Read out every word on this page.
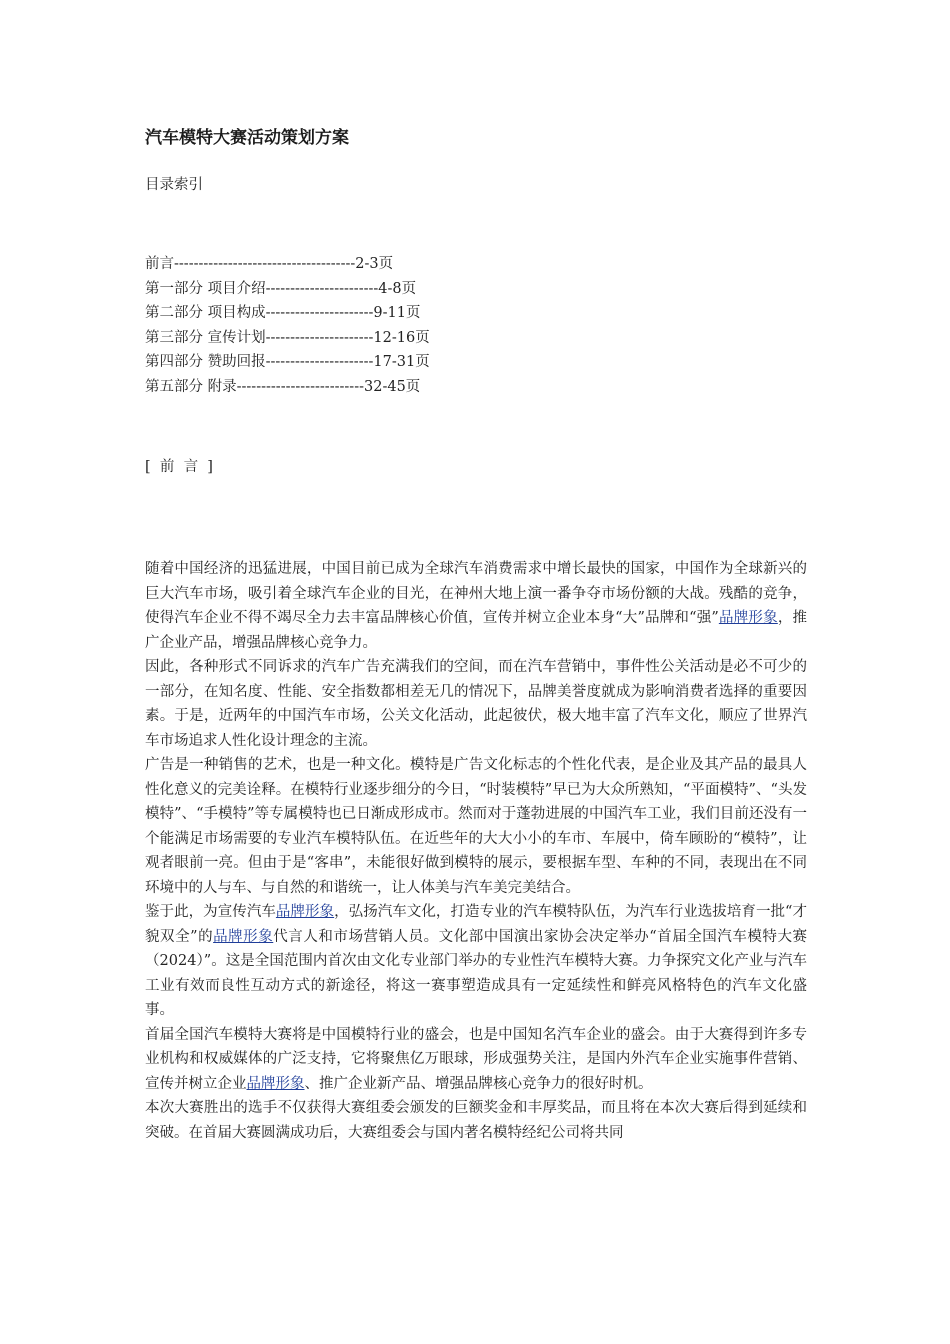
汽车模特大赛活动策划方案
目录索引
前言-------------------------------------2-3页
第一部分 项目介绍-----------------------4-8页
第二部分 项目构成----------------------9-11页
第三部分 宣传计划----------------------12-16页
第四部分 赞助回报----------------------17-31页
第五部分 附录--------------------------32-45页
[  前  言  ]

随着中国经济的迅猛进展，中国目前已成为全球汽车消费需求中增长最快的国家，中国作为全球新兴的巨大汽车市场，吸引着全球汽车企业的目光，在神州大地上演一番争夺市场份额的大战。残酷的竞争，使得汽车企业不得不竭尽全力去丰富品牌核心价值，宣传并树立企业本身“大”品牌和“强”品牌形象，推广企业产品，增强品牌核心竞争力。

因此，各种形式不同诉求的汽车广告充满我们的空间，而在汽车营销中，事件性公关活动是必不可少的一部分，在知名度、性能、安全指数都相差无几的情况下，品牌美誉度就成为影响消费者选择的重要因素。于是，近两年的中国汽车市场，公关文化活动，此起彼伏，极大地丰富了汽车文化，顺应了世界汽车市场追求人性化设计理念的主流。

广告是一种销售的艺术，也是一种文化。模特是广告文化标志的个性化代表，是企业及其产品的最具人性化意义的完美诠释。在模特行业逐步细分的今日，“时装模特”早已为大众所熟知，“平面模特”、“头发模特”、“手模特”等专属模特也已日渐成形成市。然而对于蓬勃进展的中国汽车工业，我们目前还没有一个能满足市场需要的专业汽车模特队伍。在近些年的大大小小的车市、车展中，倚车顾盼的“模特”，让观者眼前一亮。但由于是“客串”，未能很好做到模特的展示，要根据车型、车种的不同，表现出在不同环境中的人与车、与自然的和谐统一，让人体美与汽车美完美结合。

鉴于此，为宣传汽车品牌形象，弘扬汽车文化，打造专业的汽车模特队伍，为汽车行业选拔培育一批“才貌双全”的品牌形象代言人和市场营销人员。文化部中国演出家协会决定举办“首届全国汽车模特大赛（2024）”。这是全国范围内首次由文化专业部门举办的专业性汽车模特大赛。力争探究文化产业与汽车工业有效而良性互动方式的新途径，将这一赛事塑造成具有一定延续性和鲜亮风格特色的汽车文化盛事。

首届全国汽车模特大赛将是中国模特行业的盛会，也是中国知名汽车企业的盛会。由于大赛得到许多专业机构和权威媒体的广泛支持，它将聚焦亿万眼球，形成强势关注，是国内外汽车企业实施事件营销、宣传并树立企业品牌形象、推广企业新产品、增强品牌核心竞争力的很好时机。

本次大赛胜出的选手不仅获得大赛组委会颁发的巨额奖金和丰厚奖品，而且将在本次大赛后得到延续和突破。在首届大赛圆满成功后，大赛组委会与国内著名模特经纪公司将共同
